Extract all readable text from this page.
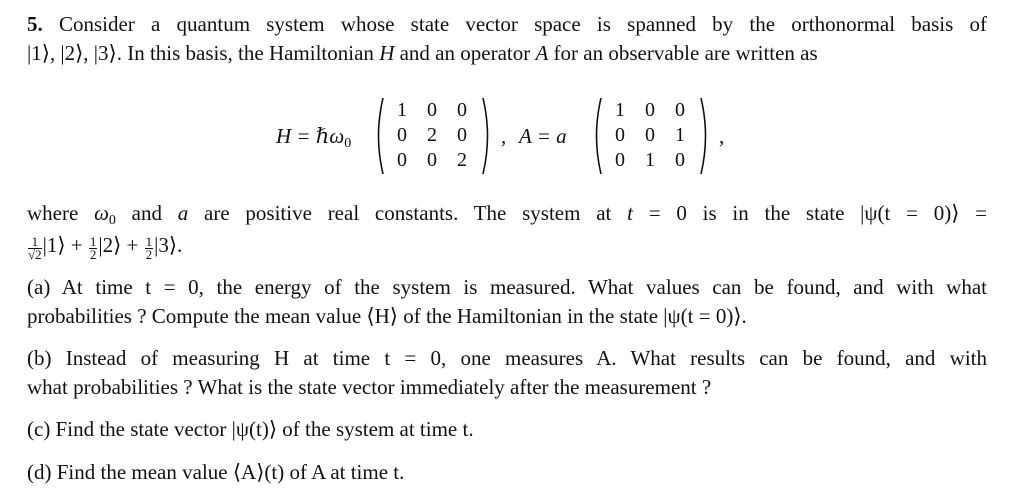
5. Consider a quantum system whose state vector space is spanned by the orthonormal basis of

|1⟩, |2⟩, |3⟩. In this basis, the Hamiltonian H and an operator A for an observable are written as

H = ℏω$_0$
1	0	0
0	2	0
0	0	2
, A = a
1	0	0
0	0	1
0	1	0
,

where $\omega_0$ and a are positive real constants. The system at t = 0 is in the state |ψ(t = 0)⟩ =

$\frac{1}{√2}$ |1⟩ + $\frac{1}{2}$ |2⟩ + $\frac{1}{2}$ |3⟩.

(a) At time t = 0, the energy of the system is measured. What values can be found, and with what

probabilities ? Compute the mean value ⟨H⟩ of the Hamiltonian in the state |ψ(t = 0)⟩.

(b) Instead of measuring H at time t = 0, one measures A. What results can be found, and with

what probabilities ? What is the state vector immediately after the measurement ?

(c) Find the state vector |ψ(t)⟩ of the system at time t.

(d) Find the mean value ⟨A⟩(t) of A at time t.
